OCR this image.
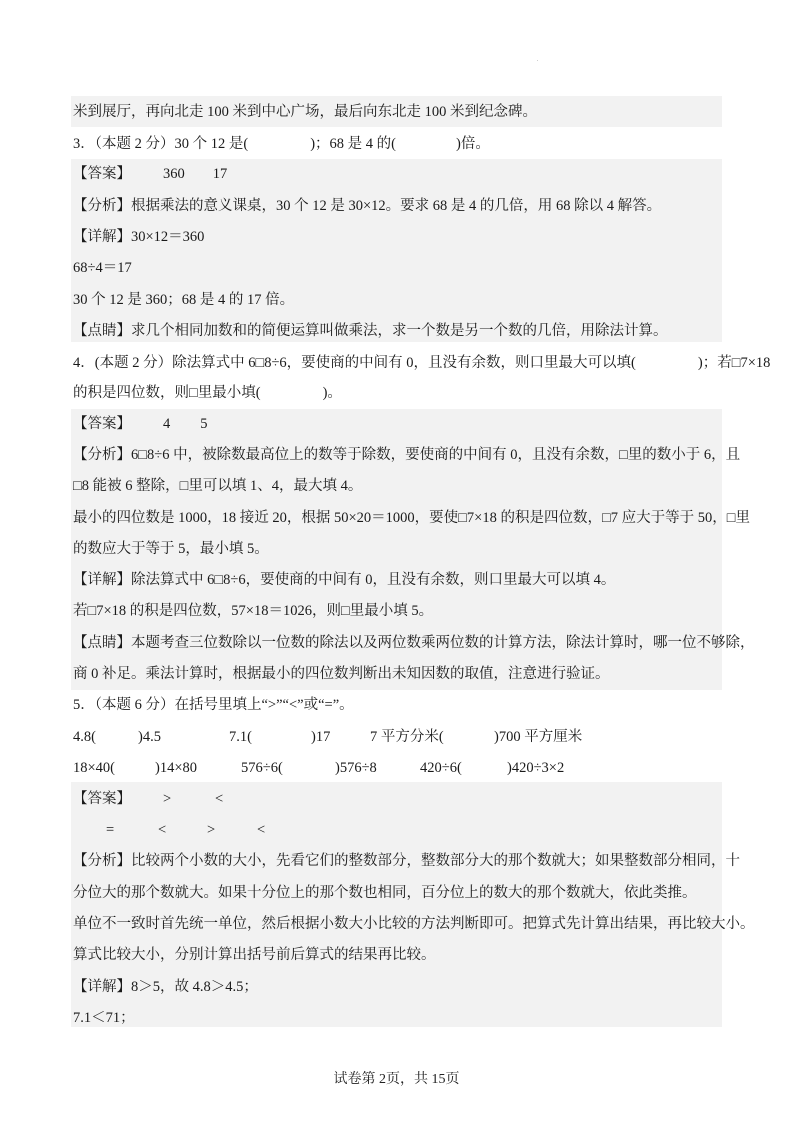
米到展厅，再向北走 100 米到中心广场，最后向东北走 100 米到纪念碑。
3．（本题 2 分）30 个 12 是(	)；68 是 4 的(	)倍。
【答案】 360 17
【分析】根据乘法的意义课桌，30 个 12 是 30×12。要求 68 是 4 的几倍，用 68 除以 4 解答。
【详解】30×12＝360
68÷4＝17
30 个 12 是 360；68 是 4 的 17 倍。
【点睛】求几个相同加数和的简便运算叫做乘法，求一个数是另一个数的几倍，用除法计算。
4．(本题 2 分）除法算式中 6□8÷6，要使商的中间有 0，且没有余数，则口里最大可以填(	)；若□7×18
的积是四位数，则□里最小填(	)。
【答案】 4 5
【分析】6□8÷6 中，被除数最高位上的数等于除数，要使商的中间有 0，且没有余数，□里的数小于 6，且
□8 能被 6 整除，□里可以填 1、4，最大填 4。
最小的四位数是 1000，18 接近 20，根据 50×20＝1000，要使□7×18 的积是四位数，□7 应大于等于 50，□里
的数应大于等于 5，最小填 5。
【详解】除法算式中 6□8÷6，要使商的中间有 0，且没有余数，则口里最大可以填 4。
若□7×18 的积是四位数，57×18＝1026，则□里最小填 5。
【点睛】本题考查三位数除以一位数的除法以及两位数乘两位数的计算方法，除法计算时，哪一位不够除，
商 0 补足。乘法计算时，根据最小的四位数判断出未知因数的取值，注意进行验证。
5．（本题 6 分）在括号里填上“>”“<”或“=”。
4.8(	)4.5	7.1(	)17	7 平方分米(	)700 平方厘米
18×40(	)14×80	576÷6(	)576÷8	420÷6(	)420÷3×2
【答案】 >	<
=	<	>	<
【分析】比较两个小数的大小，先看它们的整数部分，整数部分大的那个数就大；如果整数部分相同，十
分位大的那个数就大。如果十分位上的那个数也相同，百分位上的数大的那个数就大，依此类推。
单位不一致时首先统一单位，然后根据小数大小比较的方法判断即可。把算式先计算出结果，再比较大小。
算式比较大小，分别计算出括号前后算式的结果再比较。
【详解】8＞5，故 4.8＞4.5；
7.1＜71；
试卷第 2页，共 15页
